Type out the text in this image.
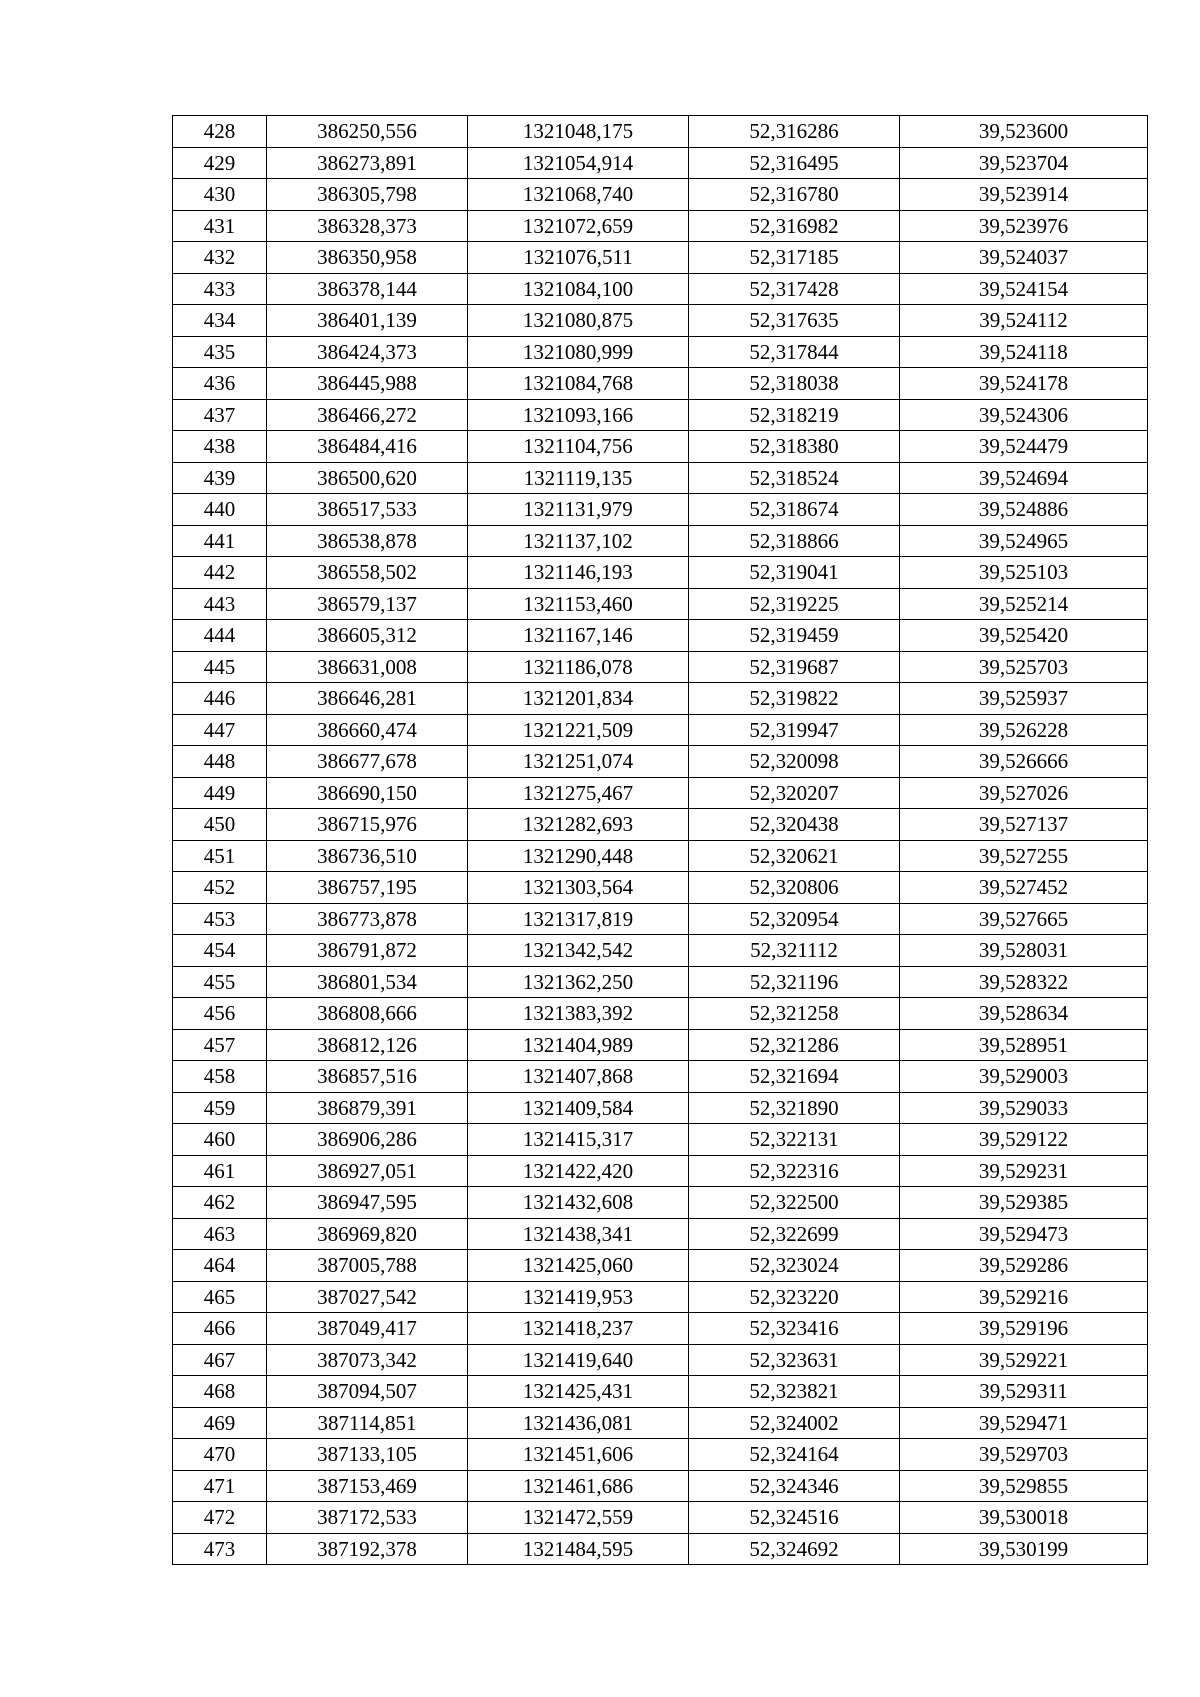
428	386250,556	1321048,175	52,316286	39,523600
429	386273,891	1321054,914	52,316495	39,523704
430	386305,798	1321068,740	52,316780	39,523914
431	386328,373	1321072,659	52,316982	39,523976
432	386350,958	1321076,511	52,317185	39,524037
433	386378,144	1321084,100	52,317428	39,524154
434	386401,139	1321080,875	52,317635	39,524112
435	386424,373	1321080,999	52,317844	39,524118
436	386445,988	1321084,768	52,318038	39,524178
437	386466,272	1321093,166	52,318219	39,524306
438	386484,416	1321104,756	52,318380	39,524479
439	386500,620	1321119,135	52,318524	39,524694
440	386517,533	1321131,979	52,318674	39,524886
441	386538,878	1321137,102	52,318866	39,524965
442	386558,502	1321146,193	52,319041	39,525103
443	386579,137	1321153,460	52,319225	39,525214
444	386605,312	1321167,146	52,319459	39,525420
445	386631,008	1321186,078	52,319687	39,525703
446	386646,281	1321201,834	52,319822	39,525937
447	386660,474	1321221,509	52,319947	39,526228
448	386677,678	1321251,074	52,320098	39,526666
449	386690,150	1321275,467	52,320207	39,527026
450	386715,976	1321282,693	52,320438	39,527137
451	386736,510	1321290,448	52,320621	39,527255
452	386757,195	1321303,564	52,320806	39,527452
453	386773,878	1321317,819	52,320954	39,527665
454	386791,872	1321342,542	52,321112	39,528031
455	386801,534	1321362,250	52,321196	39,528322
456	386808,666	1321383,392	52,321258	39,528634
457	386812,126	1321404,989	52,321286	39,528951
458	386857,516	1321407,868	52,321694	39,529003
459	386879,391	1321409,584	52,321890	39,529033
460	386906,286	1321415,317	52,322131	39,529122
461	386927,051	1321422,420	52,322316	39,529231
462	386947,595	1321432,608	52,322500	39,529385
463	386969,820	1321438,341	52,322699	39,529473
464	387005,788	1321425,060	52,323024	39,529286
465	387027,542	1321419,953	52,323220	39,529216
466	387049,417	1321418,237	52,323416	39,529196
467	387073,342	1321419,640	52,323631	39,529221
468	387094,507	1321425,431	52,323821	39,529311
469	387114,851	1321436,081	52,324002	39,529471
470	387133,105	1321451,606	52,324164	39,529703
471	387153,469	1321461,686	52,324346	39,529855
472	387172,533	1321472,559	52,324516	39,530018
473	387192,378	1321484,595	52,324692	39,530199
